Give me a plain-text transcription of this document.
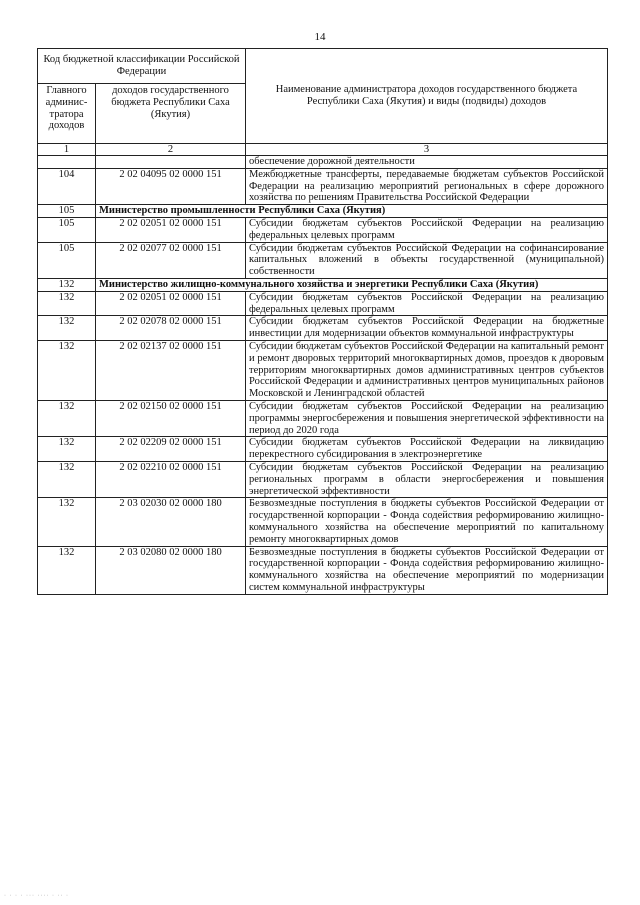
14
Код бюджетной классификации Российской Федерации		Наименование администратора доходов государственного бюджета Республики Саха (Якутия) и виды (подвиды) доходов
Главного админис-тратора доходов	доходов государственного бюджета Республики Саха (Якутия)	
1	2	3
		обеспечение дорожной деятельности
104	2 02 04095 02 0000 151	Межбюджетные трансферты, передаваемые бюджетам субъектов Российской Федерации на реализацию мероприятий региональных в сфере дорожного хозяйства по решениям Правительства Российской Федерации
105	Министерство промышленности Республики Саха (Якутия)	
105	2 02 02051 02 0000 151	Субсидии бюджетам субъектов Российской Федерации на реализацию федеральных целевых программ
105	2 02 02077 02 0000 151	Субсидии бюджетам субъектов Российской Федерации на софинансирование капитальных вложений в объекты государственной (муниципальной) собственности
132	Министерство жилищно-коммунального хозяйства и энергетики Республики Саха (Якутия)	
132	2 02 02051 02 0000 151	Субсидии бюджетам субъектов Российской Федерации на реализацию федеральных целевых программ
132	2 02 02078 02 0000 151	Субсидии бюджетам субъектов Российской Федерации на бюджетные инвестиции для модернизации объектов коммунальной инфраструктуры
132	2 02 02137 02 0000 151	Субсидии бюджетам субъектов Российской Федерации на капитальный ремонт и ремонт дворовых территорий многоквартирных домов, проездов к дворовым территориям многоквартирных домов административных центров субъектов Российской Федерации и административных центров муниципальных районов Московской и Ленинградской областей
132	2 02 02150 02 0000 151	Субсидии бюджетам субъектов Российской Федерации на реализацию программы энергосбережения и повышения энергетической эффективности на период до 2020 года
132	2 02 02209 02 0000 151	Субсидии бюджетам субъектов Российской Федерации на ликвидацию перекрестного субсидирования в электроэнергетике
132	2 02 02210 02 0000 151	Субсидии бюджетам субъектов Российской Федерации на реализацию региональных программ в области энергосбережения и повышения энергетической эффективности
132	2 03 02030 02 0000 180	Безвозмездные поступления в бюджеты субъектов Российской Федерации от государственной корпорации - Фонда содействия реформированию жилищно-коммунального хозяйства на обеспечение мероприятий по капитальному ремонту многоквартирных домов
132	2 03 02080 02 0000 180	Безвозмездные поступления в бюджеты субъектов Российской Федерации от государственной корпорации - Фонда содействия реформированию жилищно-коммунального хозяйства на обеспечение мероприятий по модернизации систем коммунальной инфраструктуры
· · · · ··· ···· · ·· ·
